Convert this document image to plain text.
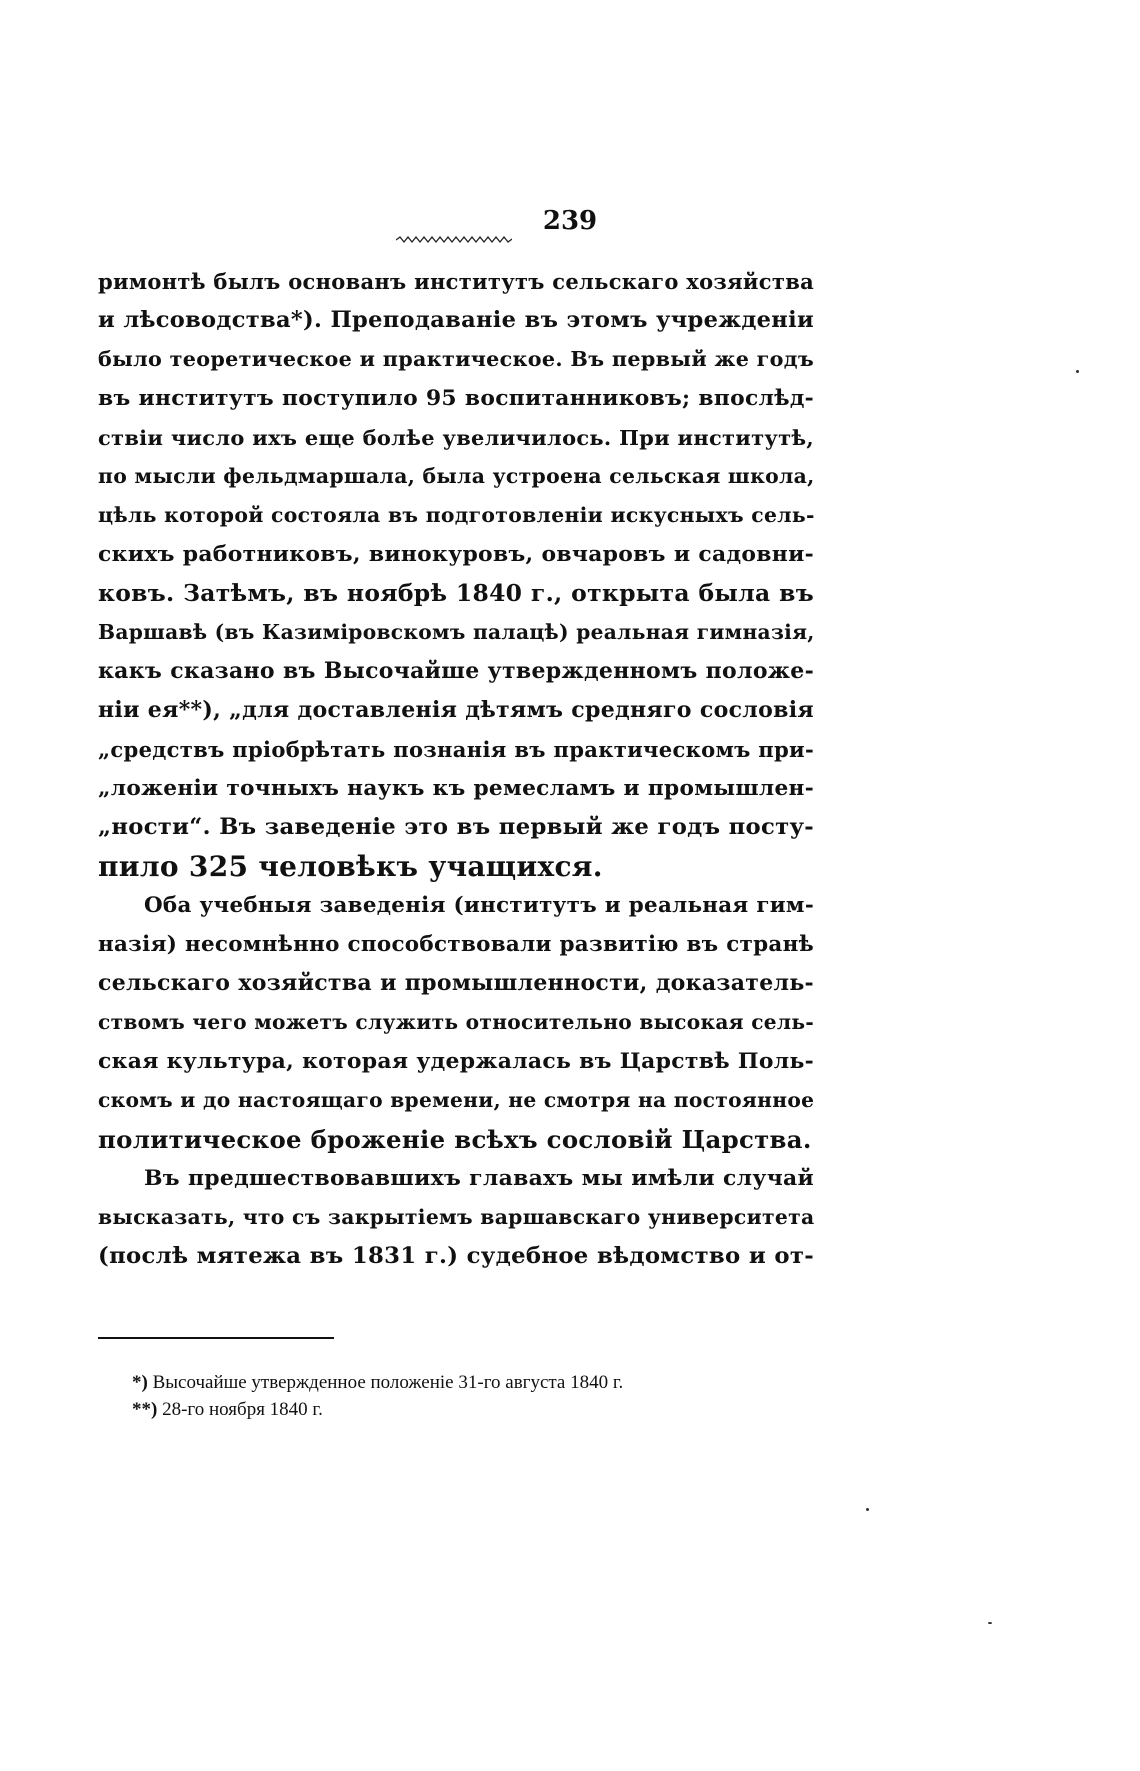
239
римонтѣ былъ основанъ институтъ сельскаго хозяйства
и лѣсоводства*). Преподаванiе въ этомъ учрежденiи
было теоретическое и практическое. Въ первый же годъ
въ институтъ поступило 95 воспитанниковъ; впослѣд-
ствiи число ихъ еще болѣе увеличилось. При институтѣ,
по мысли фельдмаршала, была устроена сельская школа,
цѣль которой состояла въ подготовленiи искусныхъ сель-
скихъ работниковъ, винокуровъ, овчаровъ и садовни-
ковъ. Затѣмъ, въ ноябрѣ 1840 г., открыта была въ
Варшавѣ (въ Казимiровскомъ палацѣ) реальная гимназiя,
какъ сказано въ Высочайше утвержденномъ положе-
нiи ея**), „для доставленiя дѣтямъ средняго сословiя
„средствъ прiобрѣтать познанiя въ практическомъ при-
„ложенiи точныхъ наукъ къ ремесламъ и промышлен-
„ности“. Въ заведенiе это въ первый же годъ посту-
пило 325 человѣкъ учащихся.
Оба учебныя заведенiя (институтъ и реальная гим-
назiя) несомнѣнно способствовали развитiю въ странѣ
сельскаго хозяйства и промышленности, доказатель-
ствомъ чего можетъ служить относительно высокая сель-
ская культура, которая удержалась въ Царствѣ Поль-
скомъ и до настоящаго времени, не смотря на постоянное
политическое броженiе всѣхъ сословiй Царства.
Въ предшествовавшихъ главахъ мы имѣли случай
высказать, что съ закрытiемъ варшавскаго университета
(послѣ мятежа въ 1831 г.) судебное вѣдомство и от-
*) Высочайше утвержденное положенiе 31-го августа 1840 г.
**) 28-го ноября 1840 г.
